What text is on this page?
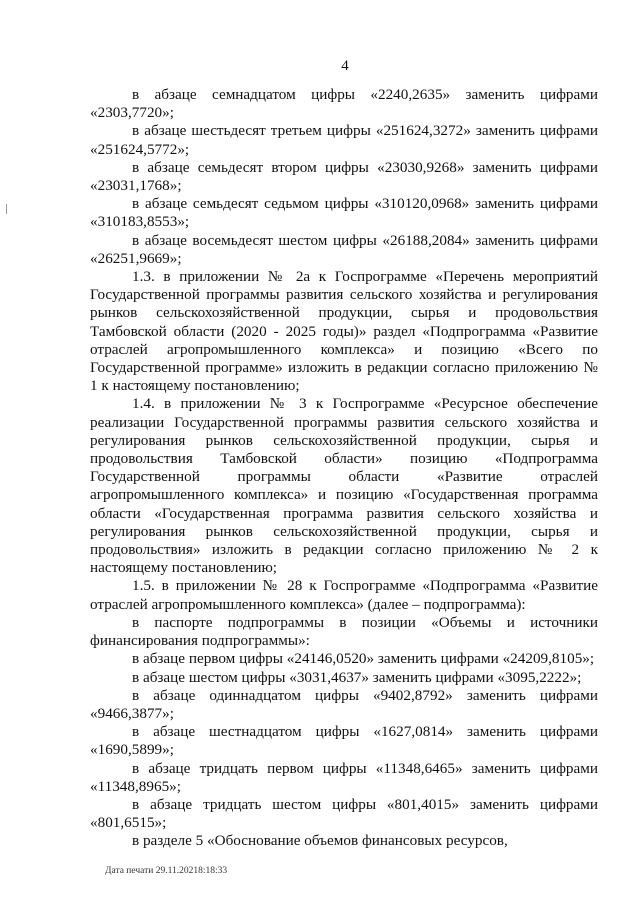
4

в абзаце семнадцатом цифры «2240,2635» заменить цифрами «2303,7720»;

в абзаце шестьдесят третьем цифры «251624,3272» заменить цифрами «251624,5772»;

в абзаце семьдесят втором цифры «23030,9268» заменить цифрами «23031,1768»;

в абзаце семьдесят седьмом цифры «310120,0968» заменить цифрами «310183,8553»;

в абзаце восемьдесят шестом цифры «26188,2084» заменить цифрами «26251,9669»;

1.3. в приложении № 2а к Госпрограмме «Перечень мероприятий Государственной программы развития сельского хозяйства и регулирования рынков сельскохозяйственной продукции, сырья и продовольствия Тамбовской области (2020 - 2025 годы)» раздел «Подпрограмма «Развитие отраслей агропромышленного комплекса» и позицию «Всего по Государственной программе» изложить в редакции согласно приложению № 1 к настоящему постановлению;

1.4. в приложении № 3 к Госпрограмме «Ресурсное обеспечение реализации Государственной программы развития сельского хозяйства и регулирования рынков сельскохозяйственной продукции, сырья и продовольствия Тамбовской области» позицию «Подпрограмма Государственной программы области «Развитие отраслей агропромышленного комплекса» и позицию «Государственная программа области «Государственная программа развития сельского хозяйства и регулирования рынков сельскохозяйственной продукции, сырья и продовольствия» изложить в редакции согласно приложению № 2 к настоящему постановлению;

1.5. в приложении № 28 к Госпрограмме «Подпрограмма «Развитие отраслей агропромышленного комплекса» (далее – подпрограмма):

в паспорте подпрограммы в позиции «Объемы и источники финансирования подпрограммы»:

в абзаце первом цифры «24146,0520» заменить цифрами «24209,8105»;

в абзаце шестом цифры «3031,4637» заменить цифрами «3095,2222»;

в абзаце одиннадцатом цифры «9402,8792» заменить цифрами «9466,3877»;

в абзаце шестнадцатом цифры «1627,0814» заменить цифрами «1690,5899»;

в абзаце тридцать первом цифры «11348,6465» заменить цифрами «11348,8965»;

в абзаце тридцать шестом цифры «801,4015» заменить цифрами «801,6515»;

в разделе 5 «Обоснование объемов финансовых ресурсов,

Дата печати 29.11.20218:18:33
